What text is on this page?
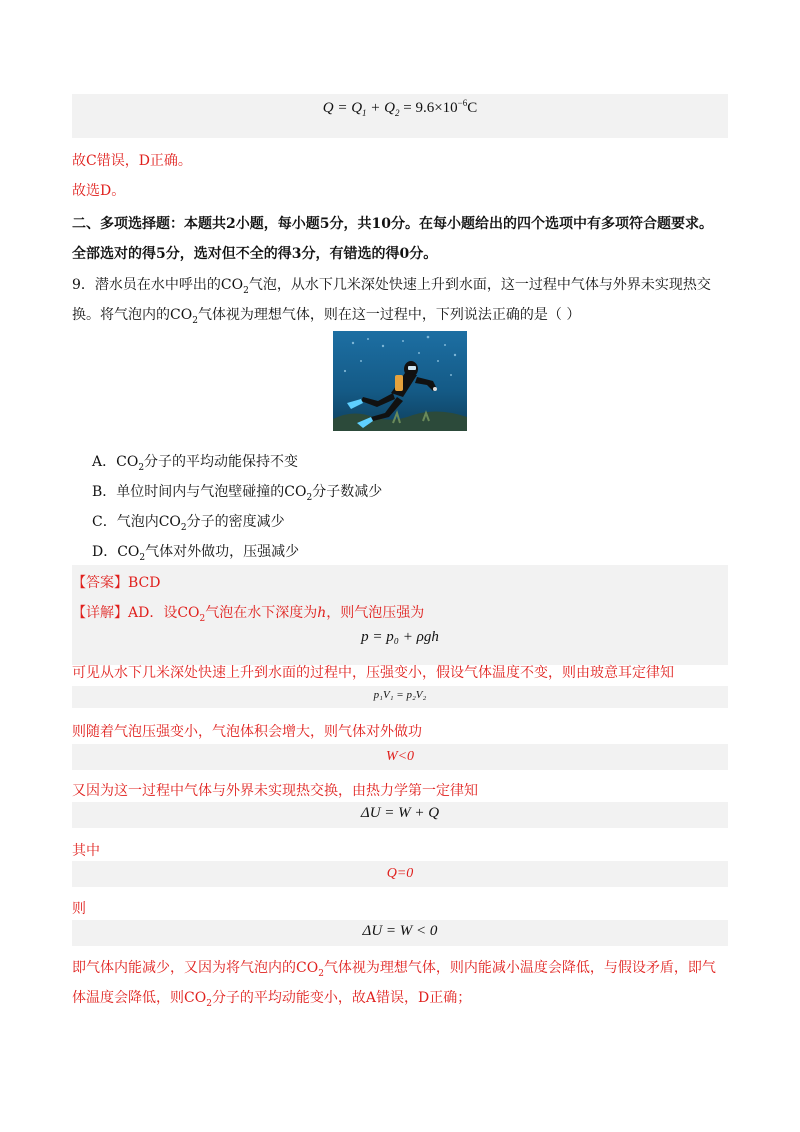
$Q = Q_1 + Q_2 = 9.6\times 10^{-6}C$
故C错误，D正确。
故选D。
二、多项选择题：本题共2小题，每小题5分，共10分。在每小题给出的四个选项中有多项符合题要求。
全部选对的得5分，选对但不全的得3分，有错选的得0分。
9．潜水员在水中呼出的$CO_2$气泡，从水下几米深处快速上升到水面，这一过程中气体与外界未实现热交
换。将气泡内的$CO_2$气体视为理想气体，则在这一过程中，下列说法正确的是（ ）
A．$CO_2$分子的平均动能保持不变
B．单位时间内与气泡壁碰撞的$CO_2$分子数减少
C．气泡内$CO_2$分子的密度减少
D．$CO_2$气体对外做功，压强减少
【答案】BCD
【详解】AD．设$CO_2$气泡在水下深度为h，则气泡压强为
p = p₀ + ρgh
可见从水下几米深处快速上升到水面的过程中，压强变小，假设气体温度不变，则由玻意耳定律知
p₁V₁ = p₂V₂
则随着气泡压强变小，气泡体积会增大，则气体对外做功
W<0
又因为这一过程中气体与外界未实现热交换，由热力学第一定律知
ΔU = W + Q
其中
Q=0
则
ΔU = W < 0
即气体内能减少，又因为将气泡内的$CO_2$气体视为理想气体，则内能减小温度会降低，与假设矛盾，即气
体温度会降低，则$CO_2$分子的平均动能变小，故A错误，D正确；
